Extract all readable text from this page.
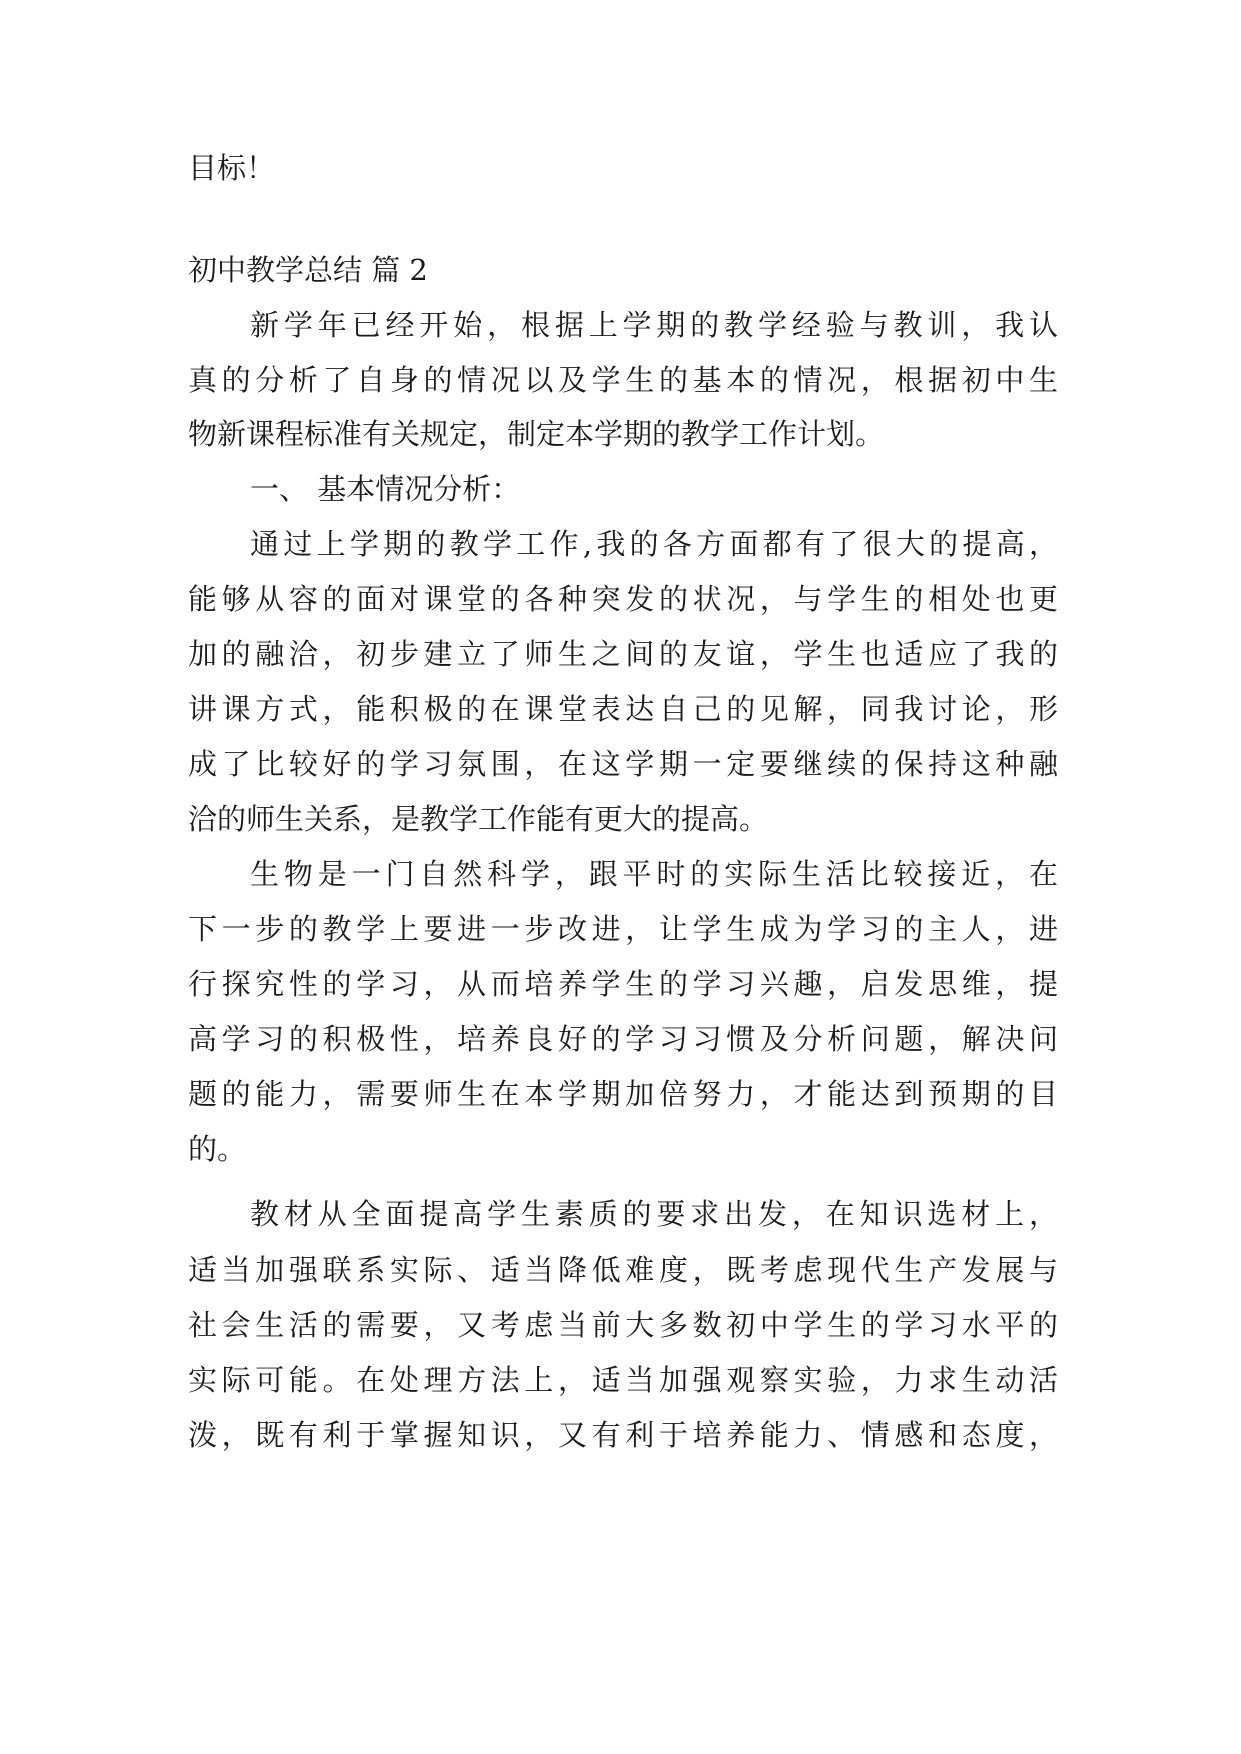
目标！
初中教学总结 篇 2
新学年已经开始，根据上学期的教学经验与教训，我认
真的分析了自身的情况以及学生的基本的情况，根据初中生
物新课程标准有关规定，制定本学期的教学工作计划。
一、 基本情况分析：
通过上学期的教学工作,我的各方面都有了很大的提高，
能够从容的面对课堂的各种突发的状况，与学生的相处也更
加的融洽，初步建立了师生之间的友谊，学生也适应了我的
讲课方式，能积极的在课堂表达自己的见解，同我讨论，形
成了比较好的学习氛围，在这学期一定要继续的保持这种融
洽的师生关系，是教学工作能有更大的提高。
生物是一门自然科学，跟平时的实际生活比较接近，在
下一步的教学上要进一步改进，让学生成为学习的主人，进
行探究性的学习，从而培养学生的学习兴趣，启发思维，提
高学习的积极性，培养良好的学习习惯及分析问题，解决问
题的能力，需要师生在本学期加倍努力，才能达到预期的目
的。
教材从全面提高学生素质的要求出发，在知识选材上，
适当加强联系实际、适当降低难度，既考虑现代生产发展与
社会生活的需要，又考虑当前大多数初中学生的学习水平的
实际可能。在处理方法上，适当加强观察实验，力求生动活
泼，既有利于掌握知识，又有利于培养能力、情感和态度，
